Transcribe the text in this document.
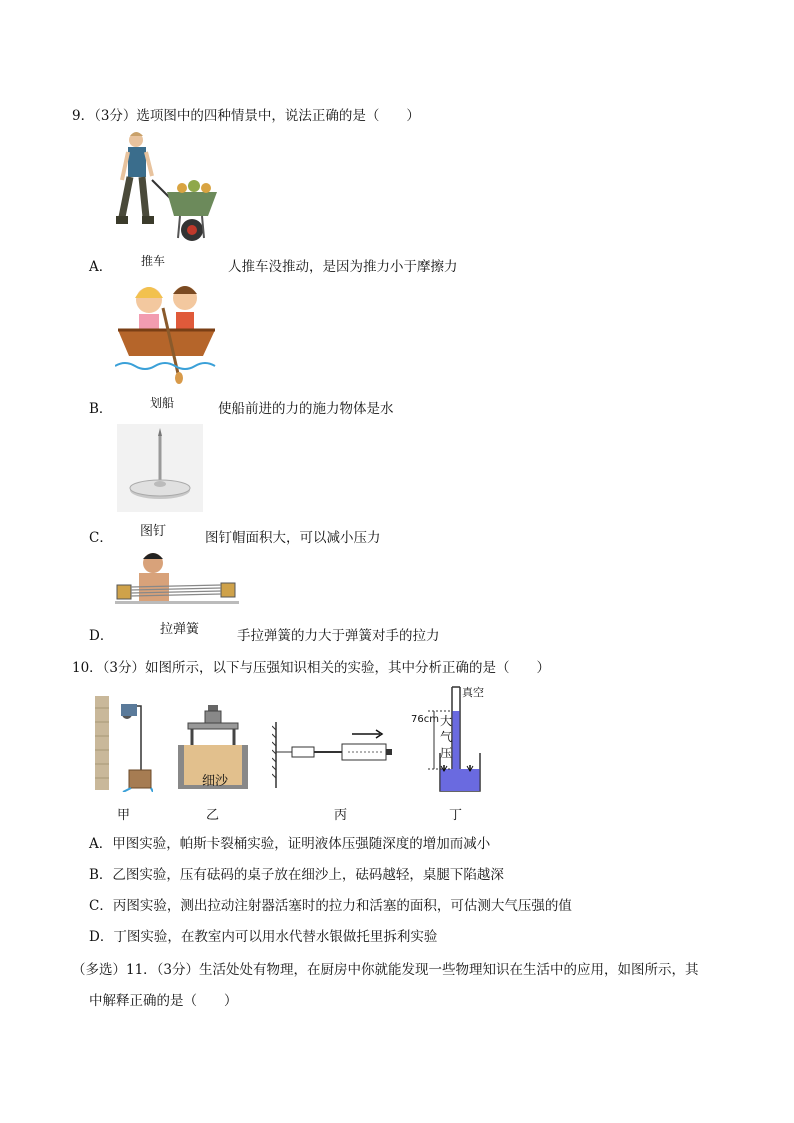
9．（3分）选项图中的四种情景中，说法正确的是（　　）
A． 推车	人推车没推动，是因为推力小于摩擦力
B．	划船	使船前进的力的施力物体是水
C． 图钉	图钉帽面积大，可以减小压力
D．	拉弹簧	手拉弹簧的力大于弹簧对手的拉力
10．（3分）如图所示，以下与压强知识相关的实验，其中分析正确的是（　　）
细沙
真空
76cm 大
气
压
甲	乙	丙	丁
A．甲图实验，帕斯卡裂桶实验，证明液体压强随深度的增加而减小
B．乙图实验，压有砝码的桌子放在细沙上，砝码越轻，桌腿下陷越深
C．丙图实验，测出拉动注射器活塞时的拉力和活塞的面积，可估测大气压强的值
D．丁图实验，在教室内可以用水代替水银做托里拆利实验
（多选）11．（3分）生活处处有物理，在厨房中你就能发现一些物理知识在生活中的应用，如图所示，其
中解释正确的是（　　）
